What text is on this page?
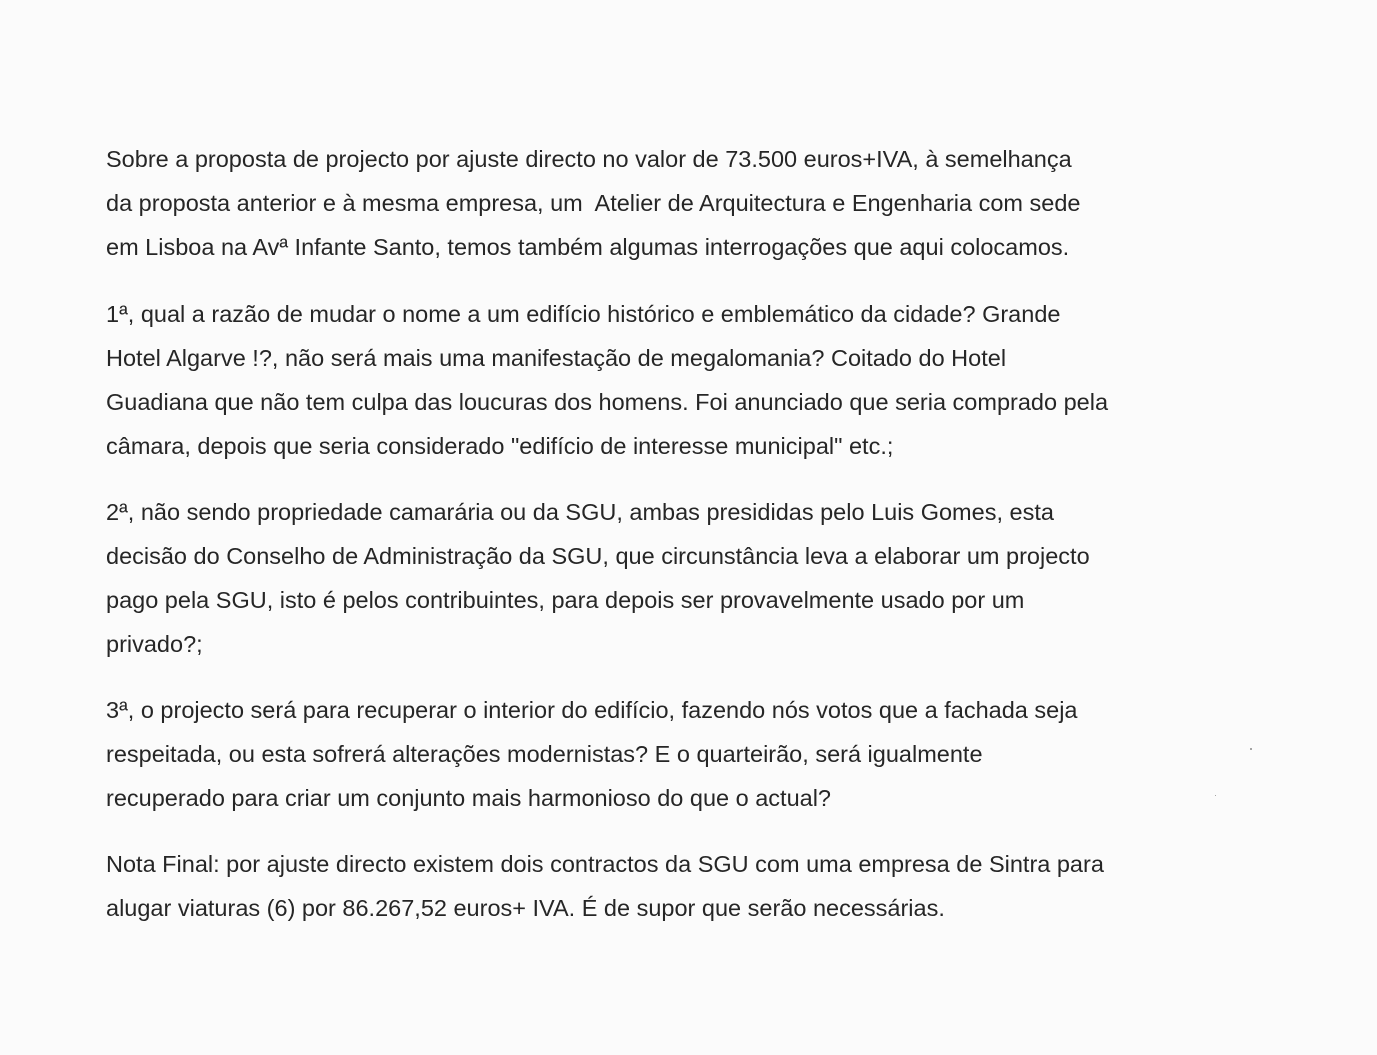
Sobre a proposta de projecto por ajuste directo no valor de 73.500 euros+IVA, à semelhança
da proposta anterior e à mesma empresa, um  Atelier de Arquitectura e Engenharia com sede
em Lisboa na Avª Infante Santo, temos também algumas interrogações que aqui colocamos.
1ª, qual a razão de mudar o nome a um edifício histórico e emblemático da cidade? Grande
Hotel Algarve !?, não será mais uma manifestação de megalomania? Coitado do Hotel
Guadiana que não tem culpa das loucuras dos homens. Foi anunciado que seria comprado pela
câmara, depois que seria considerado "edifício de interesse municipal" etc.;
2ª, não sendo propriedade camarária ou da SGU, ambas presididas pelo Luis Gomes, esta
decisão do Conselho de Administração da SGU, que circunstância leva a elaborar um projecto
pago pela SGU, isto é pelos contribuintes, para depois ser provavelmente usado por um
privado?;
3ª, o projecto será para recuperar o interior do edifício, fazendo nós votos que a fachada seja
respeitada, ou esta sofrerá alterações modernistas? E o quarteirão, será igualmente
recuperado para criar um conjunto mais harmonioso do que o actual?
Nota Final: por ajuste directo existem dois contractos da SGU com uma empresa de Sintra para
alugar viaturas (6) por 86.267,52 euros+ IVA. É de supor que serão necessárias.
